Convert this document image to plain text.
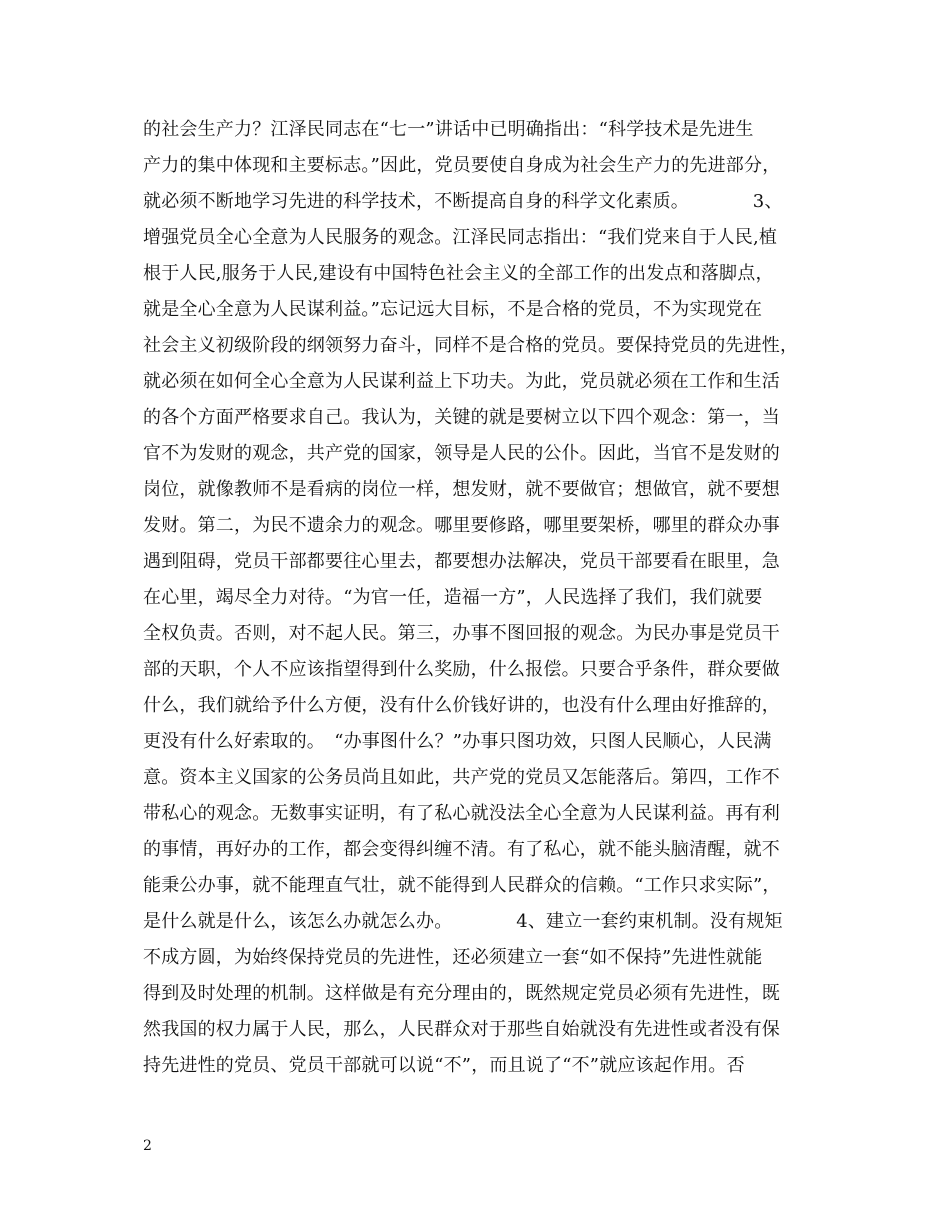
的社会生产力？江泽民同志在“七一”讲话中已明确指出：“科学技术是先进生
产力的集中体现和主要标志。”因此，党员要使自身成为社会生产力的先进部分，
就必须不断地学习先进的科学技术，不断提高自身的科学文化素质。　　　　3、
增强党员全心全意为人民服务的观念。江泽民同志指出：“我们党来自于人民,植
根于人民,服务于人民,建设有中国特色社会主义的全部工作的出发点和落脚点，
就是全心全意为人民谋利益。”忘记远大目标，不是合格的党员，不为实现党在
社会主义初级阶段的纲领努力奋斗，同样不是合格的党员。要保持党员的先进性，
就必须在如何全心全意为人民谋利益上下功夫。为此，党员就必须在工作和生活
的各个方面严格要求自己。我认为，关键的就是要树立以下四个观念：第一，当
官不为发财的观念，共产党的国家，领导是人民的公仆。因此，当官不是发财的
岗位，就像教师不是看病的岗位一样，想发财，就不要做官；想做官，就不要想
发财。第二，为民不遗余力的观念。哪里要修路，哪里要架桥，哪里的群众办事
遇到阻碍，党员干部都要往心里去，都要想办法解决，党员干部要看在眼里，急
在心里，竭尽全力对待。“为官一任，造福一方”，人民选择了我们，我们就要
全权负责。否则，对不起人民。第三，办事不图回报的观念。为民办事是党员干
部的天职，个人不应该指望得到什么奖励，什么报偿。只要合乎条件，群众要做
什么，我们就给予什么方便，没有什么价钱好讲的，也没有什么理由好推辞的，
更没有什么好索取的。　“办事图什么？”办事只图功效，只图人民顺心，人民满
意。资本主义国家的公务员尚且如此，共产党的党员又怎能落后。第四，工作不
带私心的观念。无数事实证明，有了私心就没法全心全意为人民谋利益。再有利
的事情，再好办的工作，都会变得纠缠不清。有了私心，就不能头脑清醒，就不
能秉公办事，就不能理直气壮，就不能得到人民群众的信赖。“工作只求实际”，
是什么就是什么，该怎么办就怎么办。　　　　4、建立一套约束机制。没有规矩
不成方圆，为始终保持党员的先进性，还必须建立一套“如不保持”先进性就能
得到及时处理的机制。这样做是有充分理由的，既然规定党员必须有先进性，既
然我国的权力属于人民，那么，人民群众对于那些自始就没有先进性或者没有保
持先进性的党员、党员干部就可以说“不”，而且说了“不”就应该起作用。否
2
